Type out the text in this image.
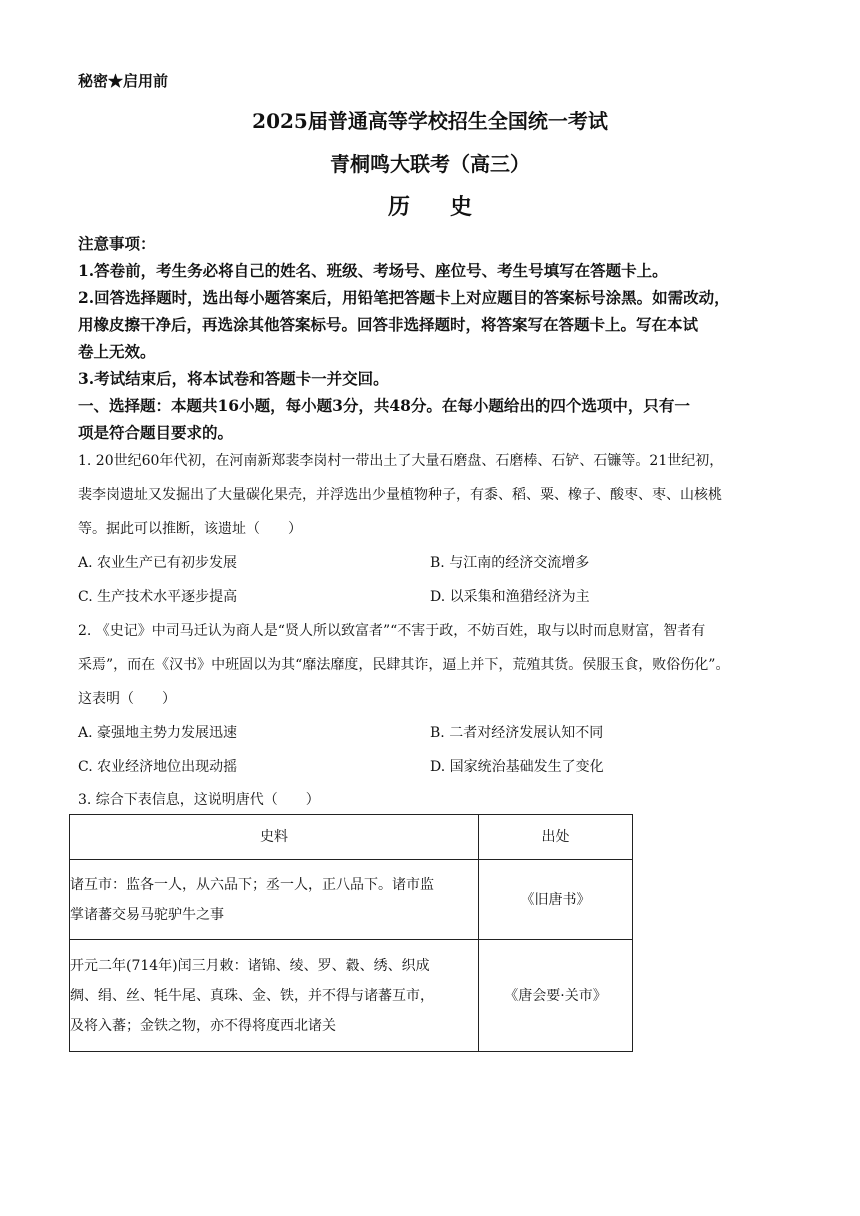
秘密★启用前
2025届普通高等学校招生全国统一考试
青桐鸣大联考（高三）
历史
注意事项：
1.答卷前，考生务必将自己的姓名、班级、考场号、座位号、考生号填写在答题卡上。
2.回答选择题时，选出每小题答案后，用铅笔把答题卡上对应题目的答案标号涂黑。如需改动，
用橡皮擦干净后，再选涂其他答案标号。回答非选择题时，将答案写在答题卡上。写在本试
卷上无效。
3.考试结束后，将本试卷和答题卡一并交回。
一、选择题：本题共16小题，每小题3分，共48分。在每小题给出的四个选项中，只有一
项是符合题目要求的。
1. 20世纪60年代初，在河南新郑裴李岗村一带出土了大量石磨盘、石磨棒、石铲、石镰等。21世纪初，
裴李岗遗址又发掘出了大量碳化果壳，并浮选出少量植物种子，有黍、稻、粟、橡子、酸枣、枣、山核桃
等。据此可以推断，该遗址（　　）
A. 农业生产已有初步发展	B. 与江南的经济交流增多
C. 生产技术水平逐步提高	D. 以采集和渔猎经济为主
2. 《史记》中司马迁认为商人是“贤人所以致富者”“不害于政，不妨百姓，取与以时而息财富，智者有
采焉”，而在《汉书》中班固以为其“靡法靡度，民肆其诈，逼上并下，荒殖其货。侯服玉食，败俗伤化”。
这表明（　　）
A. 豪强地主势力发展迅速	B. 二者对经济发展认知不同
C. 农业经济地位出现动摇	D. 国家统治基础发生了变化
3. 综合下表信息，这说明唐代（　　）
史料	出处

诸互市：监各一人，从六品下；丞一人，正八品下。诸市监
掌诸蕃交易马驼驴牛之事	《旧唐书》

开元二年(714年)闰三月敕：诸锦、绫、罗、縠、绣、织成
绸、绢、丝、牦牛尾、真珠、金、铁，并不得与诸蕃互市，
及将入蕃；金铁之物，亦不得将度西北诸关	《唐会要·关市》
